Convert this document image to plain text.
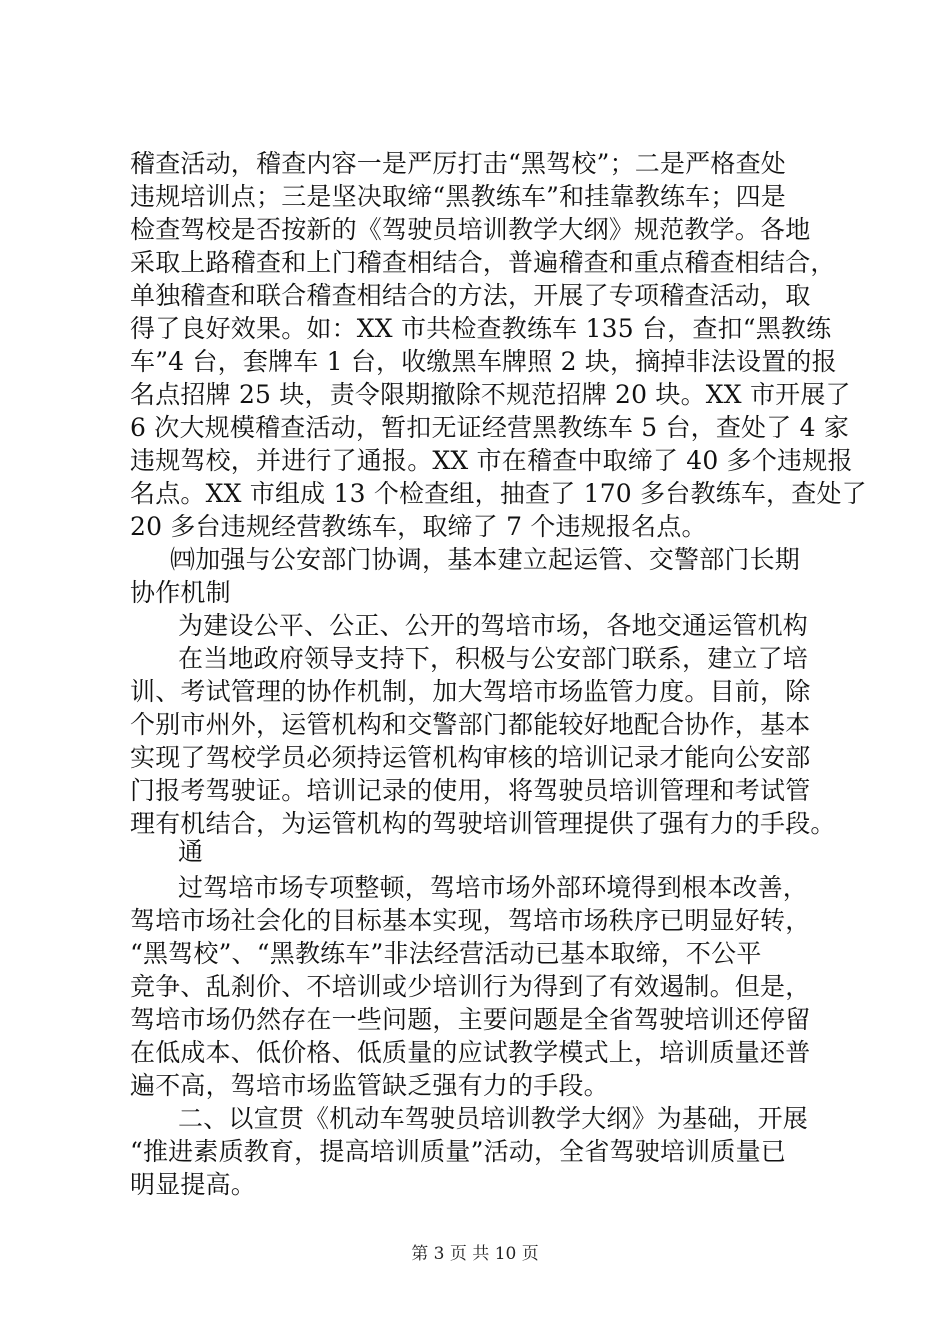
稽查活动，稽查内容一是严厉打击“黑驾校”；二是严格查处
违规培训点；三是坚决取缔“黑教练车”和挂靠教练车；四是
检查驾校是否按新的《驾驶员培训教学大纲》规范教学。各地
采取上路稽查和上门稽查相结合，普遍稽查和重点稽查相结合，
单独稽查和联合稽查相结合的方法，开展了专项稽查活动，取
得了良好效果。如：XX 市共检查教练车 135 台，查扣“黑教练
车”4 台，套牌车 1 台，收缴黑车牌照 2 块，摘掉非法设置的报
名点招牌 25 块，责令限期撤除不规范招牌 20 块。XX 市开展了
6 次大规模稽查活动，暂扣无证经营黑教练车 5 台，查处了 4 家
违规驾校，并进行了通报。XX 市在稽查中取缔了 40 多个违规报
名点。XX 市组成 13 个检查组，抽查了 170 多台教练车，查处了
20 多台违规经营教练车，取缔了 7 个违规报名点。
㈣加强与公安部门协调，基本建立起运管、交警部门长期
协作机制
为建设公平、公正、公开的驾培市场，各地交通运管机构
在当地政府领导支持下，积极与公安部门联系，建立了培
训、考试管理的协作机制，加大驾培市场监管力度。目前，除
个别市州外，运管机构和交警部门都能较好地配合协作，基本
实现了驾校学员必须持运管机构审核的培训记录才能向公安部
门报考驾驶证。培训记录的使用，将驾驶员培训管理和考试管
理有机结合，为运管机构的驾驶培训管理提供了强有力的手段。
通
过驾培市场专项整顿，驾培市场外部环境得到根本改善，
驾培市场社会化的目标基本实现，驾培市场秩序已明显好转，
“黑驾校”、“黑教练车”非法经营活动已基本取缔，不公平
竞争、乱刹价、不培训或少培训行为得到了有效遏制。但是，
驾培市场仍然存在一些问题，主要问题是全省驾驶培训还停留
在低成本、低价格、低质量的应试教学模式上，培训质量还普
遍不高，驾培市场监管缺乏强有力的手段。
二、以宣贯《机动车驾驶员培训教学大纲》为基础，开展
“推进素质教育，提高培训质量”活动，全省驾驶培训质量已
明显提高。
第 3 页 共 10 页
